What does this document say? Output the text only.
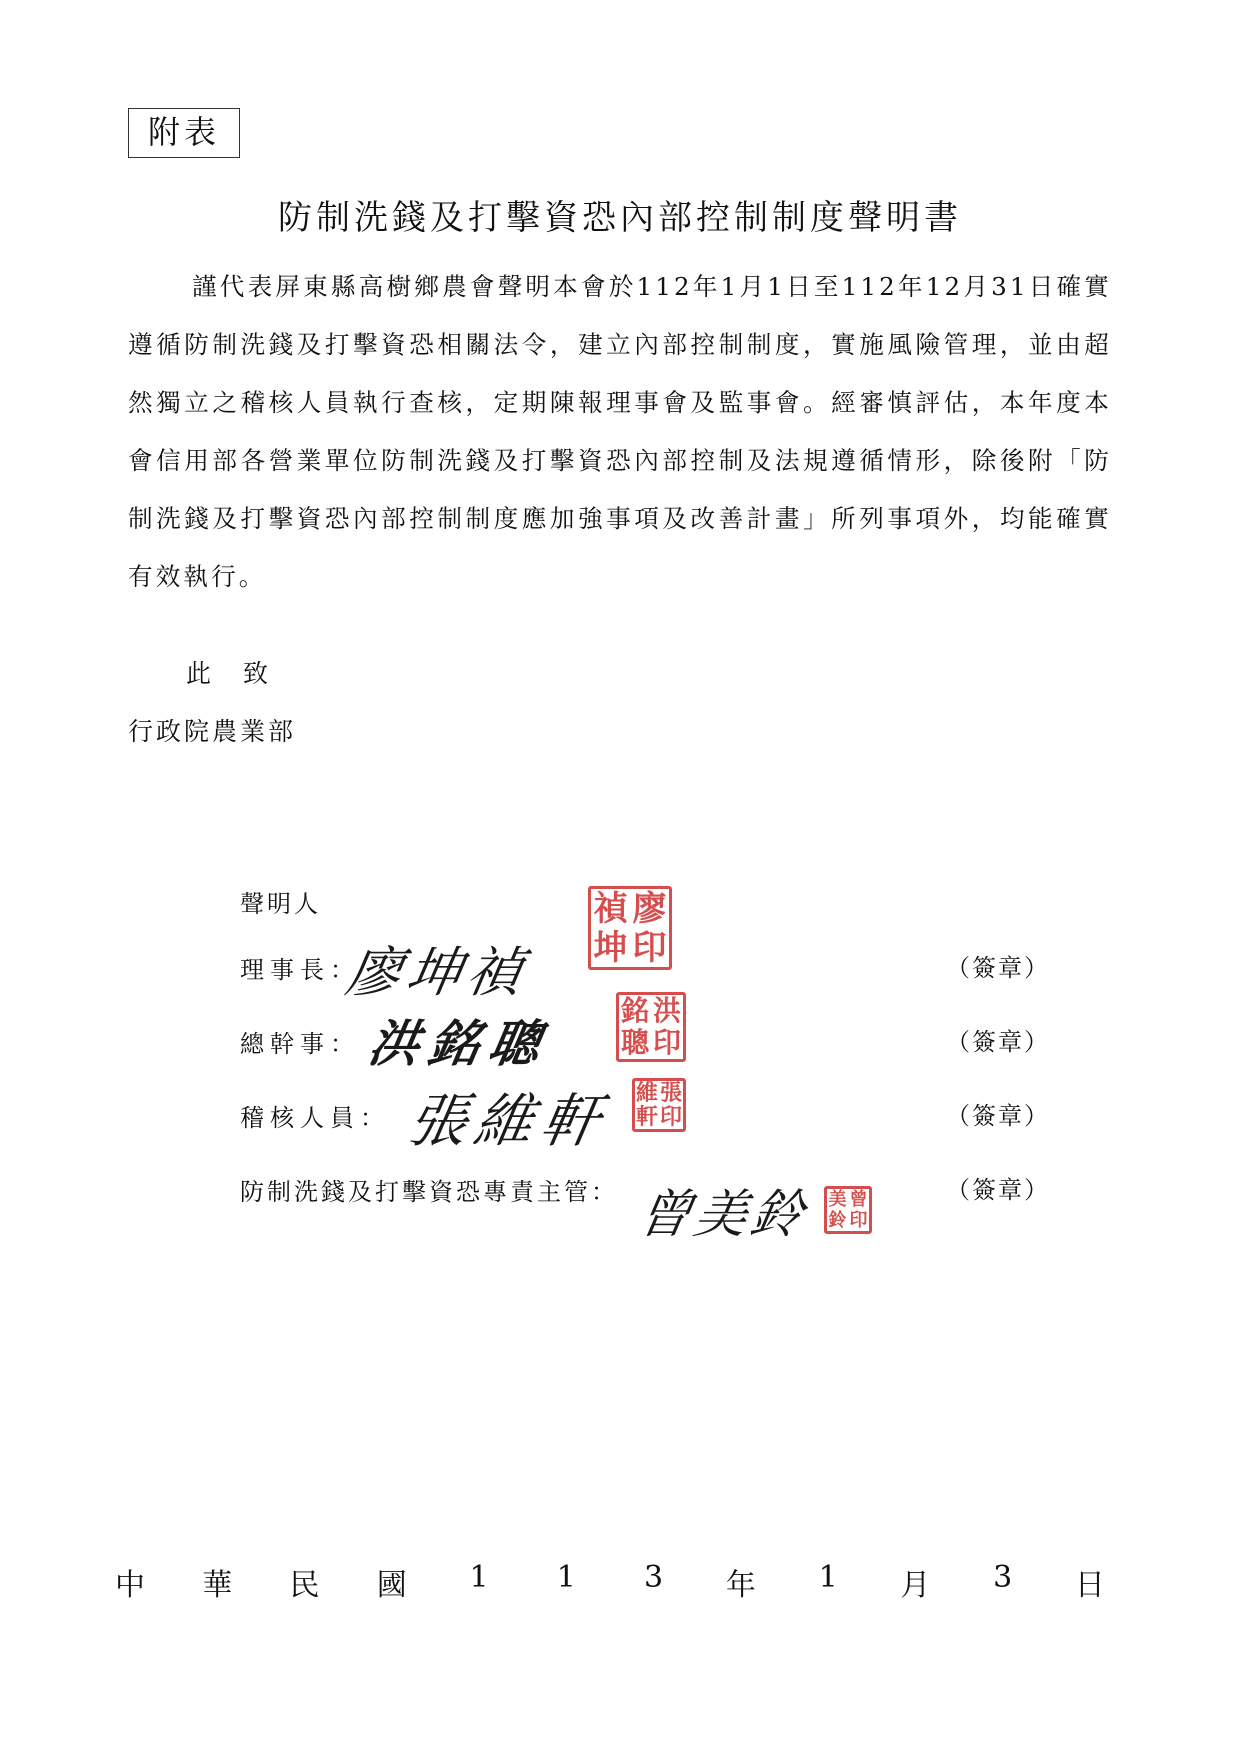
附表
防制洗錢及打擊資恐內部控制制度聲明書

謹代表屏東縣高樹鄉農會聲明本會於112年1月1日至112年12月31日確實遵循防制洗錢及打擊資恐相關法令，建立內部控制制度，實施風險管理，並由超然獨立之稽核人員執行查核，定期陳報理事會及監事會。經審慎評估，本年度本會信用部各營業單位防制洗錢及打擊資恐內部控制及法規遵循情形，除後附「防制洗錢及打擊資恐內部控制制度應加強事項及改善計畫」所列事項外，均能確實有效執行。

此 致
行政院農業部
聲明人
理事長：
廖坤禎
禎 廖
坤 印
（簽章）
總幹事： 洪銘聰
銘 洪
聰 印	（簽章）
稽核人員： 張維軒 維 張
軒 印	（簽章）
防制洗錢及打擊資恐專責主管： 曾美鈴 美 曾
鈴 印
（簽章）
中 華 民 國	1	1	3	年	1	月	3	日
